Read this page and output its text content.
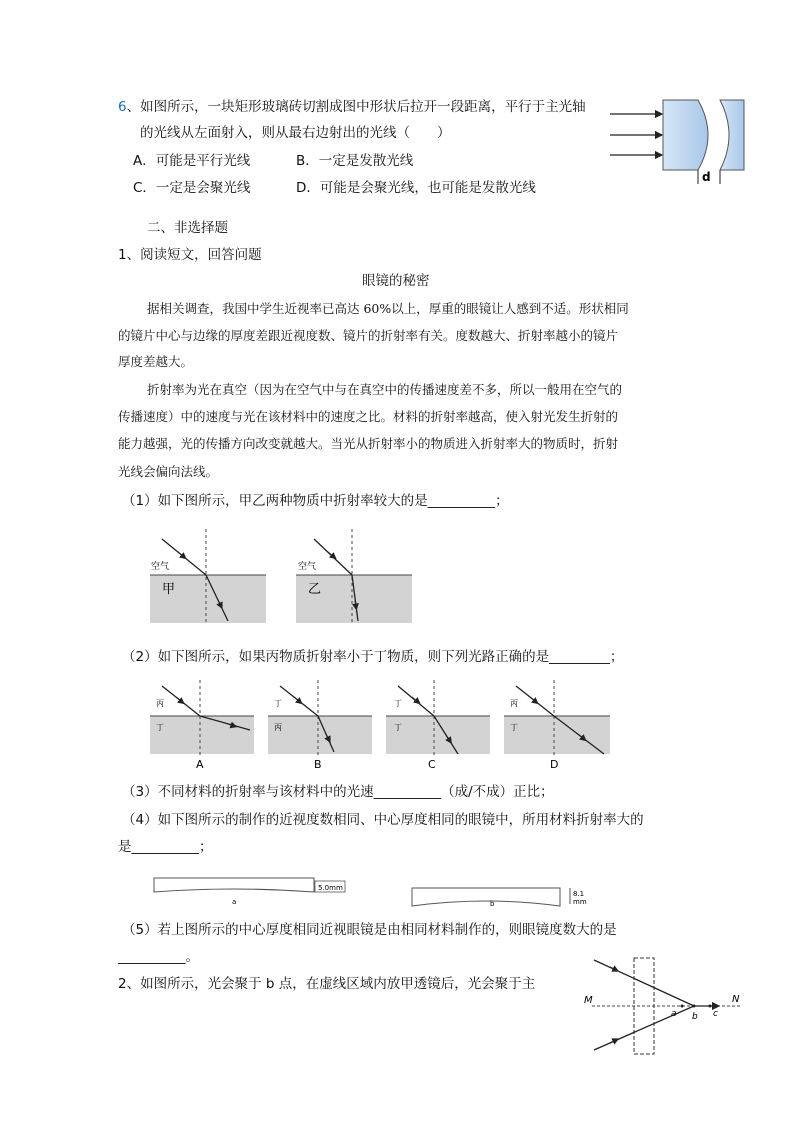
6、如图所示，一块矩形玻璃砖切割成图中形状后拉开一段距离，平行于主光轴
的光线从左面射入，则从最右边射出的光线（　　）
A．可能是平行光线	B．一定是发散光线
C．一定是会聚光线	D．可能是会聚光线，也可能是发散光线
d
二、非选择题
1、阅读短文，回答问题
眼镜的秘密
据相关调查，我国中学生近视率已高达 60%以上，厚重的眼镜让人感到不适。形状相同
的镜片中心与边缘的厚度差跟近视度数、镜片的折射率有关。度数越大、折射率越小的镜片
厚度差越大。
折射率为光在真空（因为在空气中与在真空中的传播速度差不多，所以一般用在空气的
传播速度）中的速度与光在该材料中的速度之比。材料的折射率越高，使入射光发生折射的
能力越强，光的传播方向改变就越大。当光从折射率小的物质进入折射率大的物质时，折射
光线会偏向法线。
（1）如下图所示，甲乙两种物质中折射率较大的是__________；
空气
甲
空气
乙
（2）如下图所示，如果丙物质折射率小于丁物质，则下列光路正确的是_________；
丙
丁
A
丁
丙
B
丁
丁
C
丙
丁
D
（3）不同材料的折射率与该材料中的光速__________（成/不成）正比；
（4）如下图所示的制作的近视度数相同、中心厚度相同的眼镜中，所用材料折射率大的
是__________；
a
5.0mm
b
8.1
mm
（5）若上图所示的中心厚度相同近视眼镜是由相同材料制作的，则眼镜度数大的是
__________。
2、如图所示，光会聚于 b 点，在虚线区域内放甲透镜后，光会聚于主
M	N
a b c
